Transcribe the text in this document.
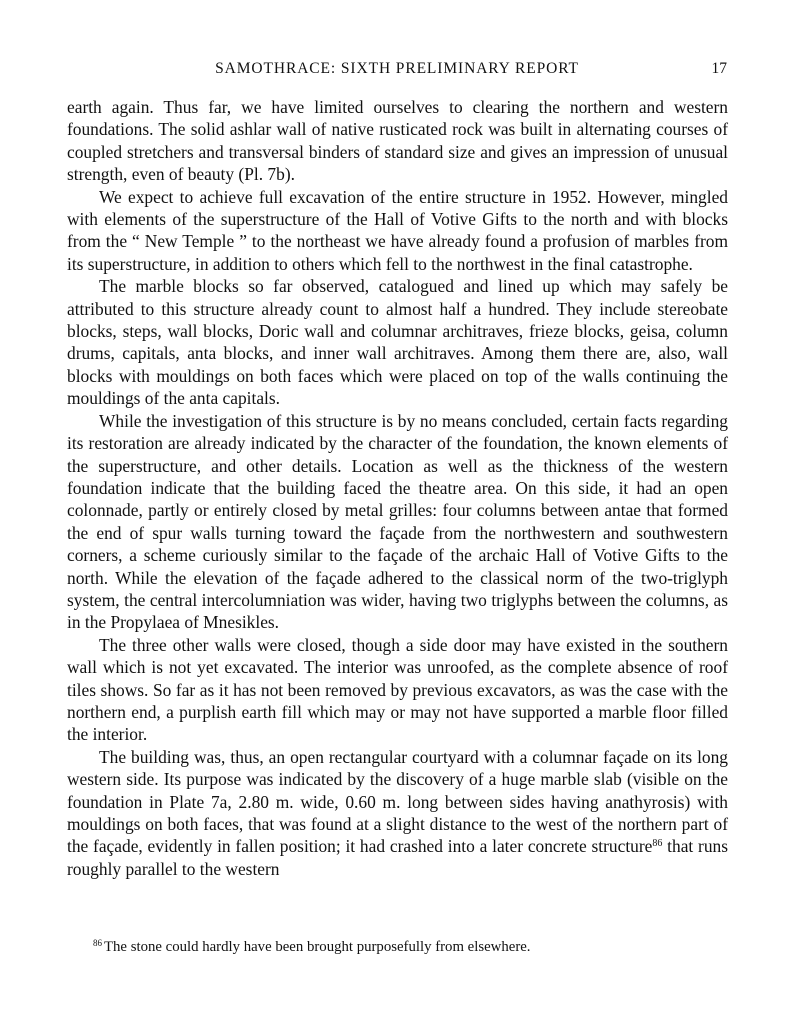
SAMOTHRACE: SIXTH PRELIMINARY REPORT	17

earth again. Thus far, we have limited ourselves to clearing the northern and western foundations. The solid ashlar wall of native rusticated rock was built in alternating courses of coupled stretchers and transversal binders of standard size and gives an impression of unusual strength, even of beauty (Pl. 7b).

We expect to achieve full excavation of the entire structure in 1952. However, mingled with elements of the superstructure of the Hall of Votive Gifts to the north and with blocks from the “ New Temple ” to the northeast we have already found a profusion of marbles from its superstructure, in addition to others which fell to the northwest in the final catastrophe.

The marble blocks so far observed, catalogued and lined up which may safely be attributed to this structure already count to almost half a hundred. They include stereobate blocks, steps, wall blocks, Doric wall and columnar architraves, frieze blocks, geisa, column drums, capitals, anta blocks, and inner wall architraves. Among them there are, also, wall blocks with mouldings on both faces which were placed on top of the walls continuing the mouldings of the anta capitals.

While the investigation of this structure is by no means concluded, certain facts regarding its restoration are already indicated by the character of the foundation, the known elements of the superstructure, and other details. Location as well as the thickness of the western foundation indicate that the building faced the theatre area. On this side, it had an open colonnade, partly or entirely closed by metal grilles: four columns between antae that formed the end of spur walls turning toward the façade from the northwestern and southwestern corners, a scheme curiously similar to the façade of the archaic Hall of Votive Gifts to the north. While the elevation of the façade adhered to the classical norm of the two-triglyph system, the central intercolumniation was wider, having two triglyphs between the columns, as in the Propylaea of Mnesikles.

The three other walls were closed, though a side door may have existed in the southern wall which is not yet excavated. The interior was unroofed, as the complete absence of roof tiles shows. So far as it has not been removed by previous excavators, as was the case with the northern end, a purplish earth fill which may or may not have supported a marble floor filled the interior.

The building was, thus, an open rectangular courtyard with a columnar façade on its long western side. Its purpose was indicated by the discovery of a huge marble slab (visible on the foundation in Plate 7a, 2.80 m. wide, 0.60 m. long between sides having anathyrosis) with mouldings on both faces, that was found at a slight distance to the west of the northern part of the façade, evidently in fallen position; it had crashed into a later concrete structure$^{86}$ that runs roughly parallel to the western

$^{86}$ The stone could hardly have been brought purposefully from elsewhere.
